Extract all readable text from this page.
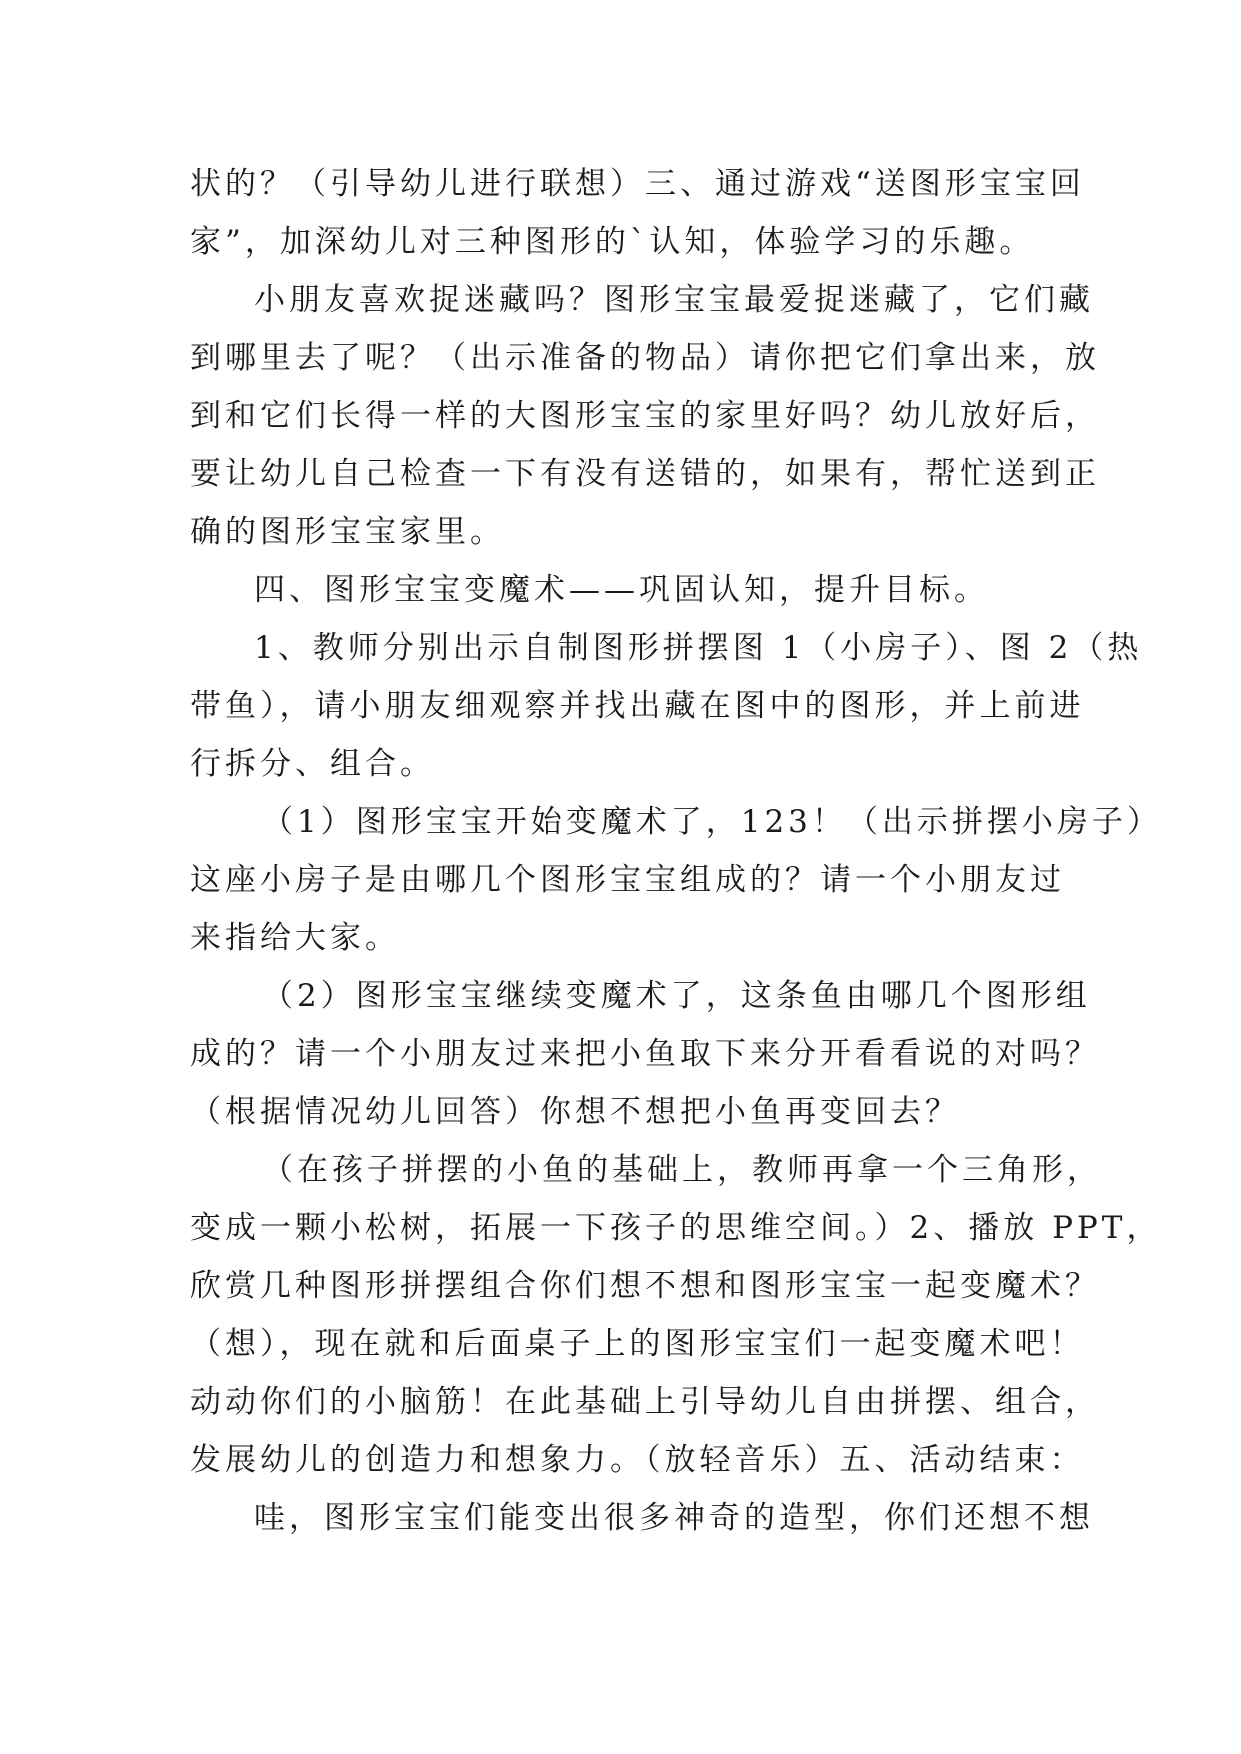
状的？（引导幼儿进行联想）三、通过游戏“送图形宝宝回
家”，加深幼儿对三种图形的`认知，体验学习的乐趣。
小朋友喜欢捉迷藏吗？图形宝宝最爱捉迷藏了，它们藏
到哪里去了呢？（出示准备的物品）请你把它们拿出来，放
到和它们长得一样的大图形宝宝的家里好吗？幼儿放好后，
要让幼儿自己检查一下有没有送错的，如果有，帮忙送到正
确的图形宝宝家里。
四、图形宝宝变魔术——巩固认知，提升目标。
1、教师分别出示自制图形拼摆图 1（小房子）、图 2（热
带鱼），请小朋友细观察并找出藏在图中的图形，并上前进
行拆分、组合。
（1）图形宝宝开始变魔术了，123！（出示拼摆小房子）
这座小房子是由哪几个图形宝宝组成的？请一个小朋友过
来指给大家。
（2）图形宝宝继续变魔术了，这条鱼由哪几个图形组
成的？请一个小朋友过来把小鱼取下来分开看看说的对吗？
（根据情况幼儿回答）你想不想把小鱼再变回去？
（在孩子拼摆的小鱼的基础上，教师再拿一个三角形，
变成一颗小松树，拓展一下孩子的思维空间。）2、播放 PPT，
欣赏几种图形拼摆组合你们想不想和图形宝宝一起变魔术？
（想），现在就和后面桌子上的图形宝宝们一起变魔术吧！
动动你们的小脑筋！在此基础上引导幼儿自由拼摆、组合，
发展幼儿的创造力和想象力。（放轻音乐）五、活动结束：
哇，图形宝宝们能变出很多神奇的造型，你们还想不想
